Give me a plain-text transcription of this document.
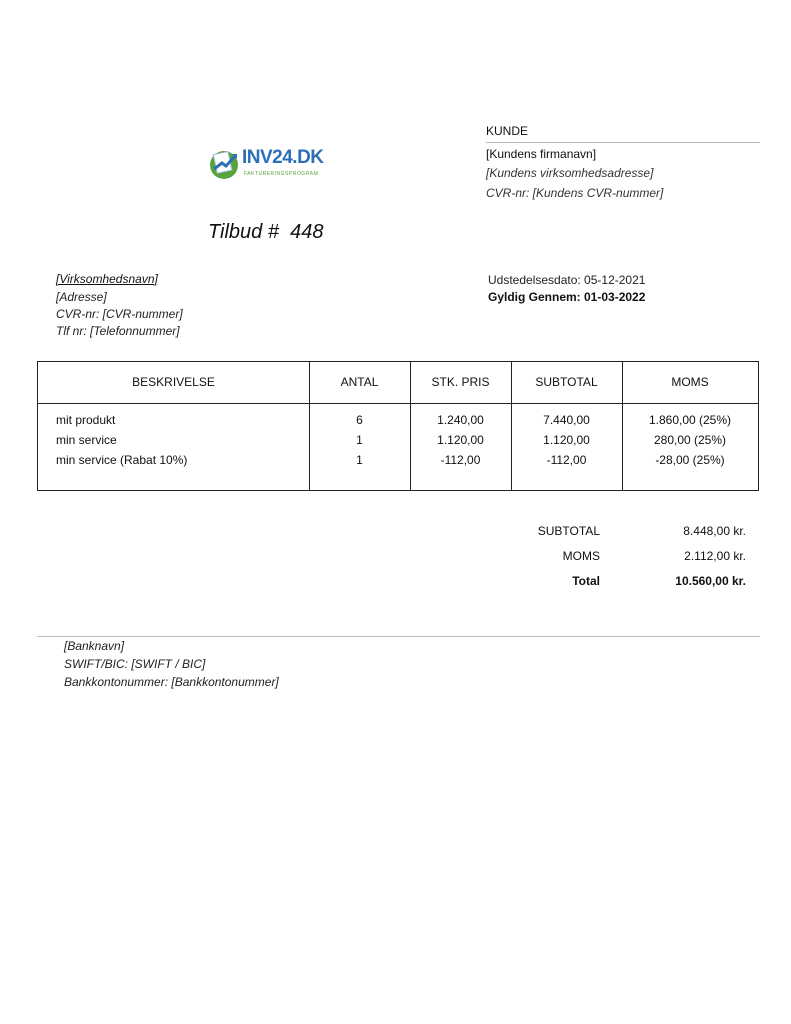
INV24.DK
FAKTURERINGSPROGRAM
KUNDE
[Kundens firmanavn]
[Kundens virksomhedsadresse]
CVR-nr: [Kundens CVR-nummer]
Tilbud #  448
[Virksomhedsnavn]
[Adresse]
CVR-nr: [CVR-nummer]
Tlf nr: [Telefonnummer]
Udstedelsesdato: 05-12-2021
Gyldig Gennem: 01-03-2022
BESKRIVELSE	ANTAL	STK. PRIS	SUBTOTAL	MOMS
mit produkt	6	1.240,00	7.440,00	1.860,00 (25%)
min service	1	1.120,00	1.120,00	280,00 (25%)
min service (Rabat 10%)	1	-112,00	-112,00	-28,00 (25%)
SUBTOTAL	8.448,00 kr.
MOMS	2.112,00 kr.
Total	10.560,00 kr.
[Banknavn]
SWIFT/BIC: [SWIFT / BIC]
Bankkontonummer: [Bankkontonummer]
